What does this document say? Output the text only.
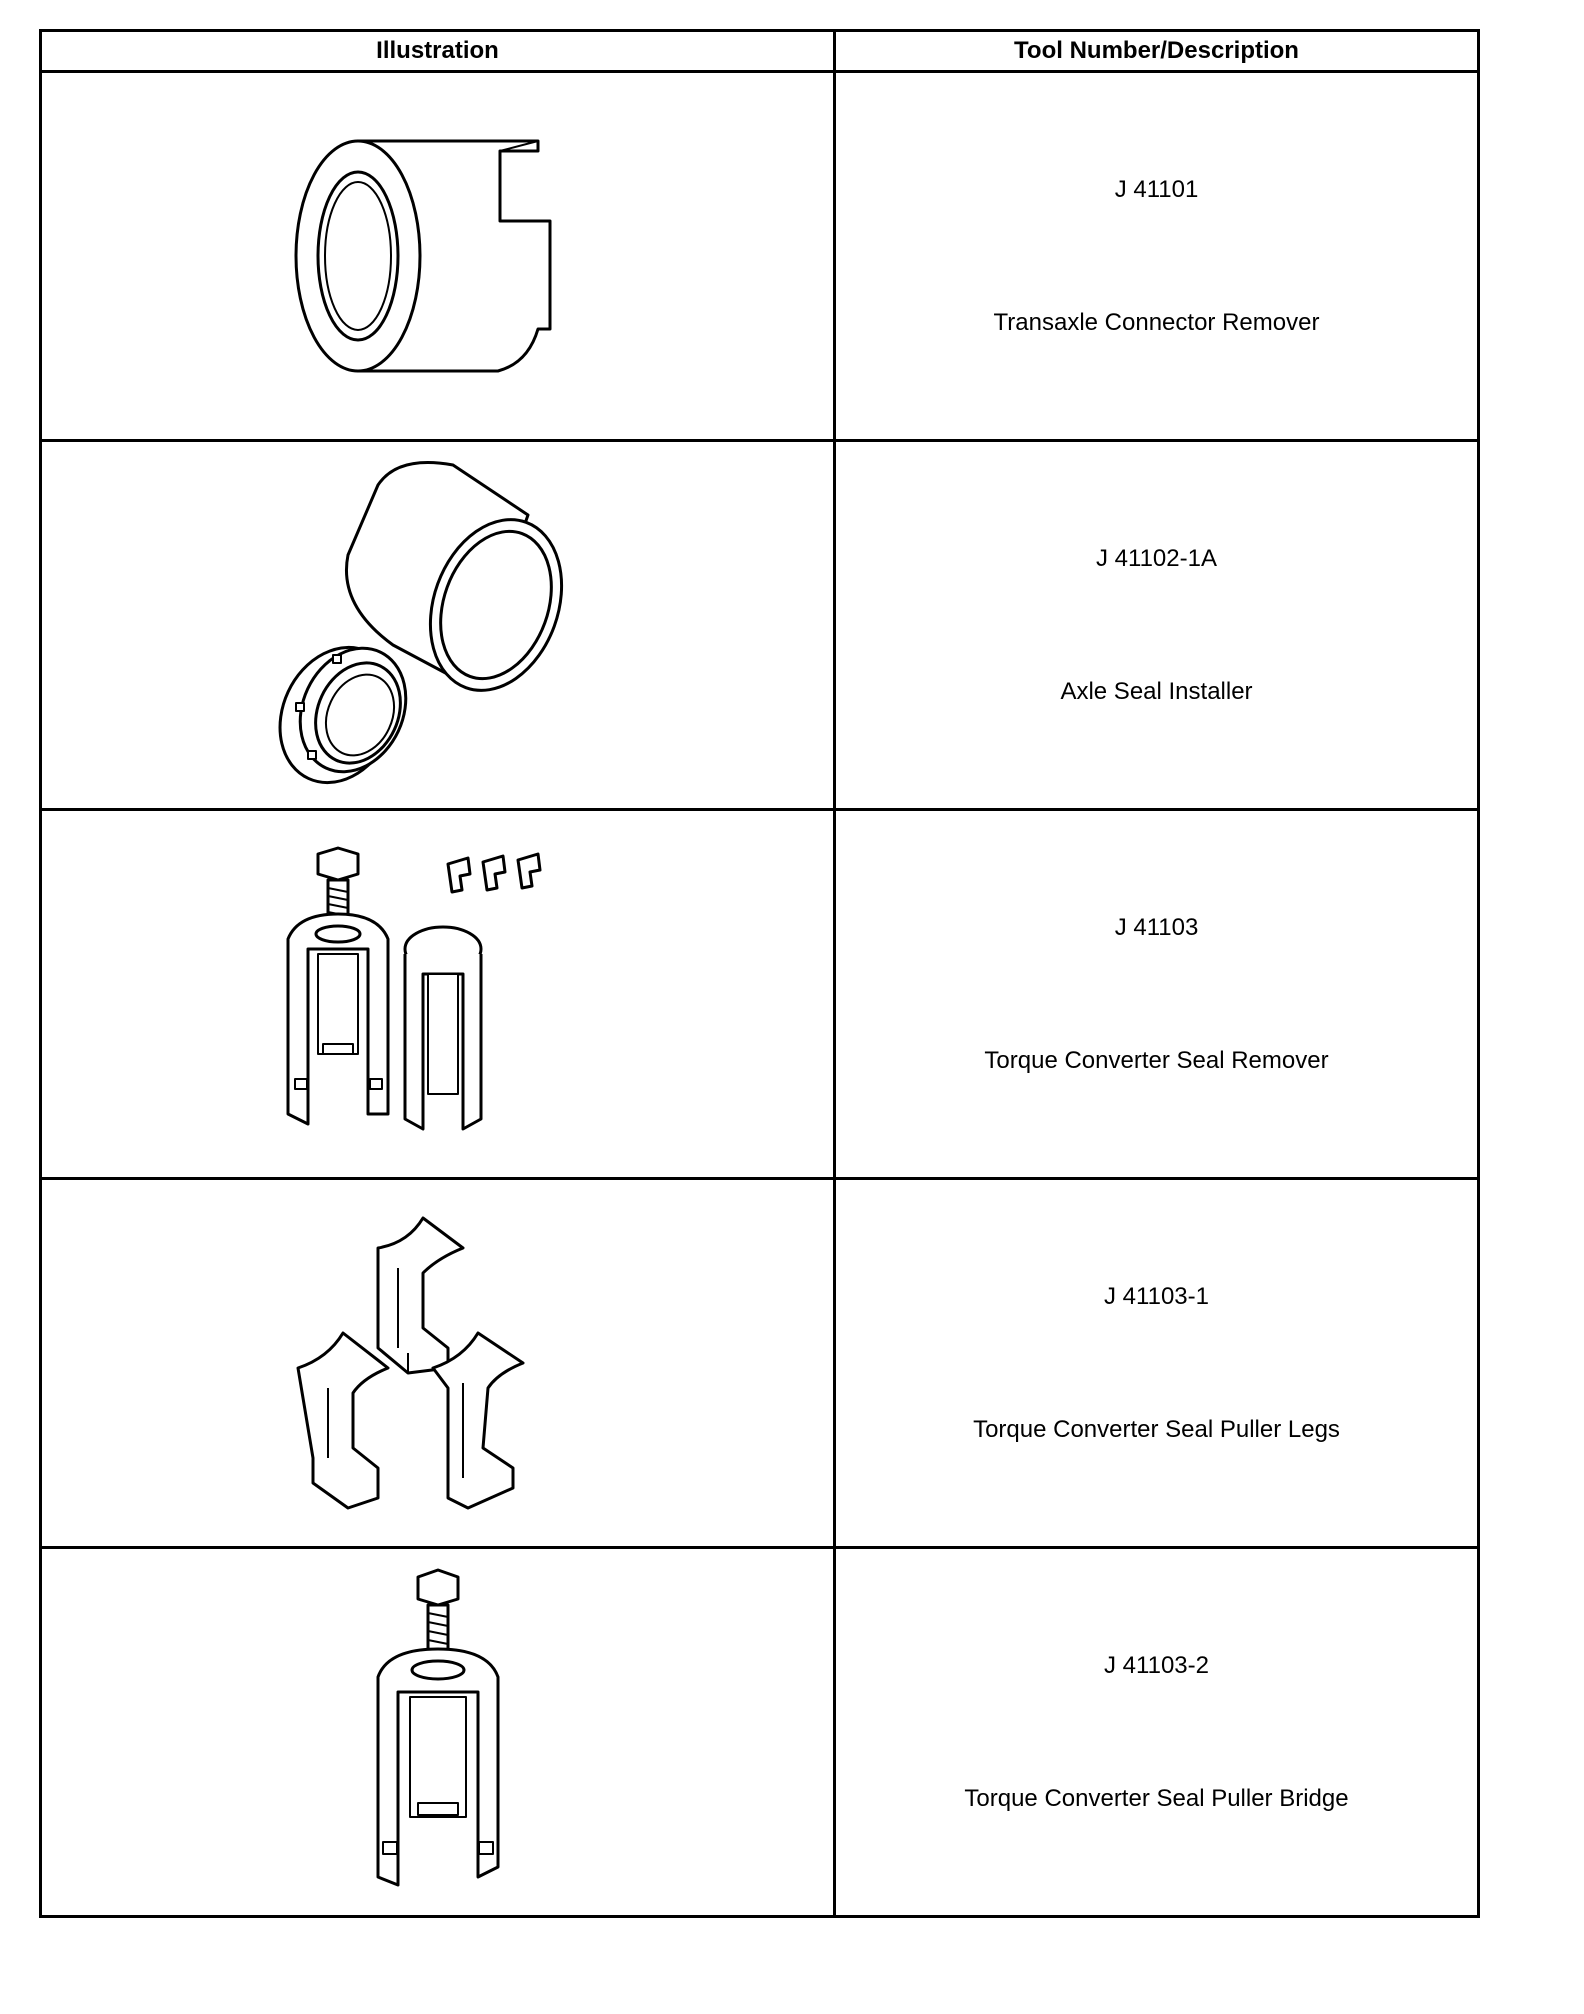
Illustration	Tool Number/Description

J 41101
Transaxle Connector Remover

J 41102-1A
Axle Seal Installer

J 41103
Torque Converter Seal Remover

J 41103-1
Torque Converter Seal Puller Legs

J 41103-2
Torque Converter Seal Puller Bridge
